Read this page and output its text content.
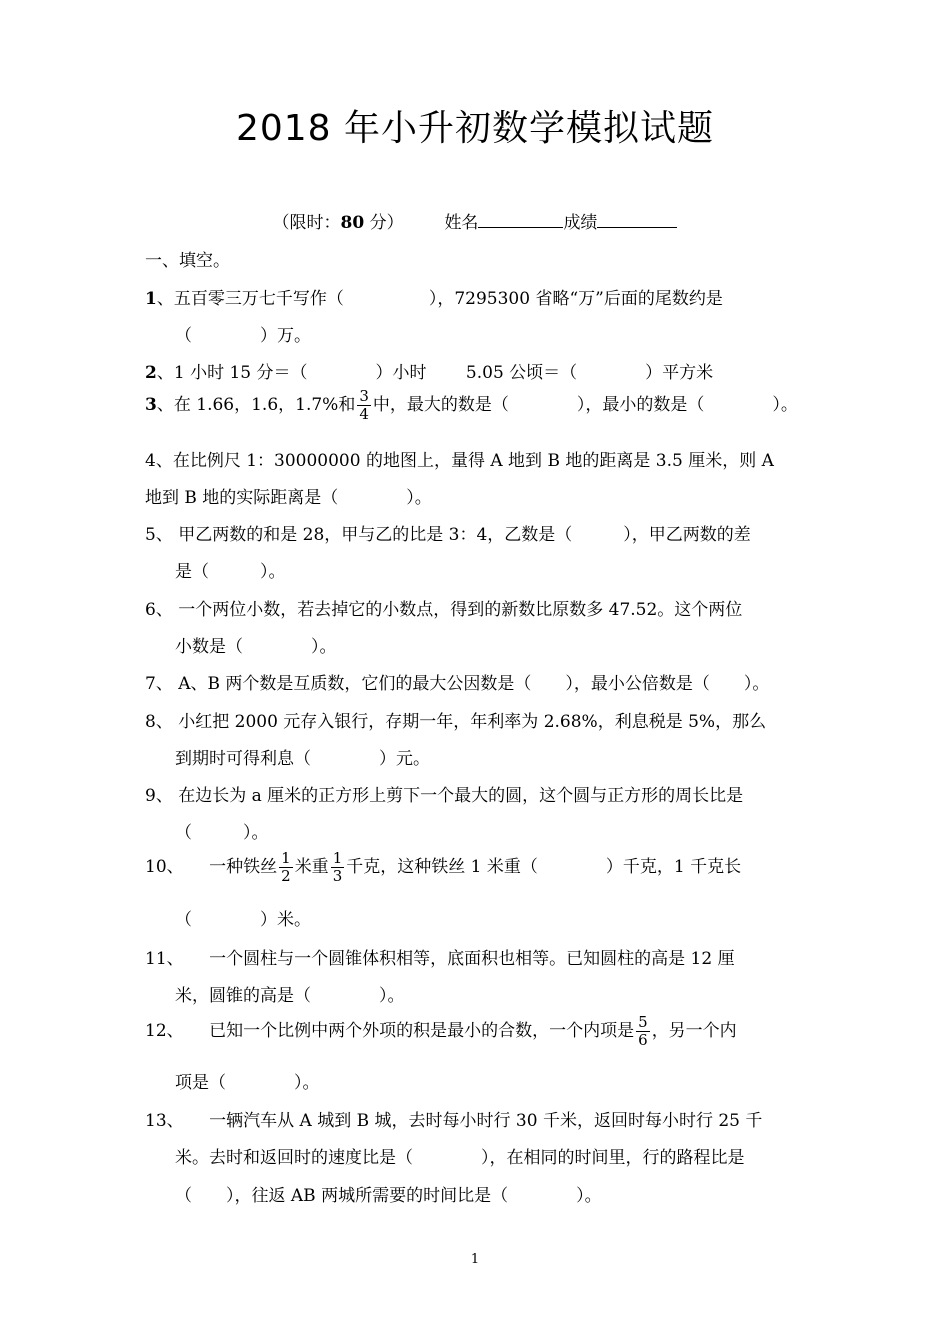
2018 年小升初数学模拟试题
（限时：80 分） 姓名	成绩
一、填空。
1、五百零三万七千写作（　　　　　），7295300 省略“万”后面的尾数约是
（　　　　）万。
2、1 小时 15 分＝（　　　　）小时　　 5.05 公顷＝（　　　　）平方米
3、在 1.66，1.6，1.7%和 $\frac{3}{4}$ 中，最大的数是（　　　　），最小的数是（　　　　）。
4、在比例尺 1：30000000 的地图上，量得 A 地到 B 地的距离是 3.5 厘米，则 A
地到 B 地的实际距离是（　　　　）。
5、 甲乙两数的和是 28，甲与乙的比是 3：4，乙数是（　　　），甲乙两数的差
是（　　　）。
6、 一个两位小数，若去掉它的小数点，得到的新数比原数多 47.52。这个两位
小数是（　　　　）。
7、 A、B 两个数是互质数，它们的最大公因数是（　　），最小公倍数是（　　）。
8、 小红把 2000 元存入银行，存期一年，年利率为 2.68%，利息税是 5%，那么
到期时可得利息（　　　　）元。
9、 在边长为 a 厘米的正方形上剪下一个最大的圆，这个圆与正方形的周长比是
（　　　）。
10、　　一种铁丝 $\frac{1}{2}$ 米重 $\frac{1}{3}$ 千克，这种铁丝 1 米重（　　　　）千克，1 千克长
（　　　　）米。
11、　　一个圆柱与一个圆锥体积相等，底面积也相等。已知圆柱的高是 12 厘
米，圆锥的高是（　　　　）。
12、　　已知一个比例中两个外项的积是最小的合数，一个内项是 $\frac{5}{6}$ ，另一个内
项是（　　　　）。
13、　　一辆汽车从 A 城到 B 城，去时每小时行 30 千米，返回时每小时行 25 千
米。去时和返回时的速度比是（　　　　），在相同的时间里，行的路程比是
（　　），往返 AB 两城所需要的时间比是（　　　　）。
1
